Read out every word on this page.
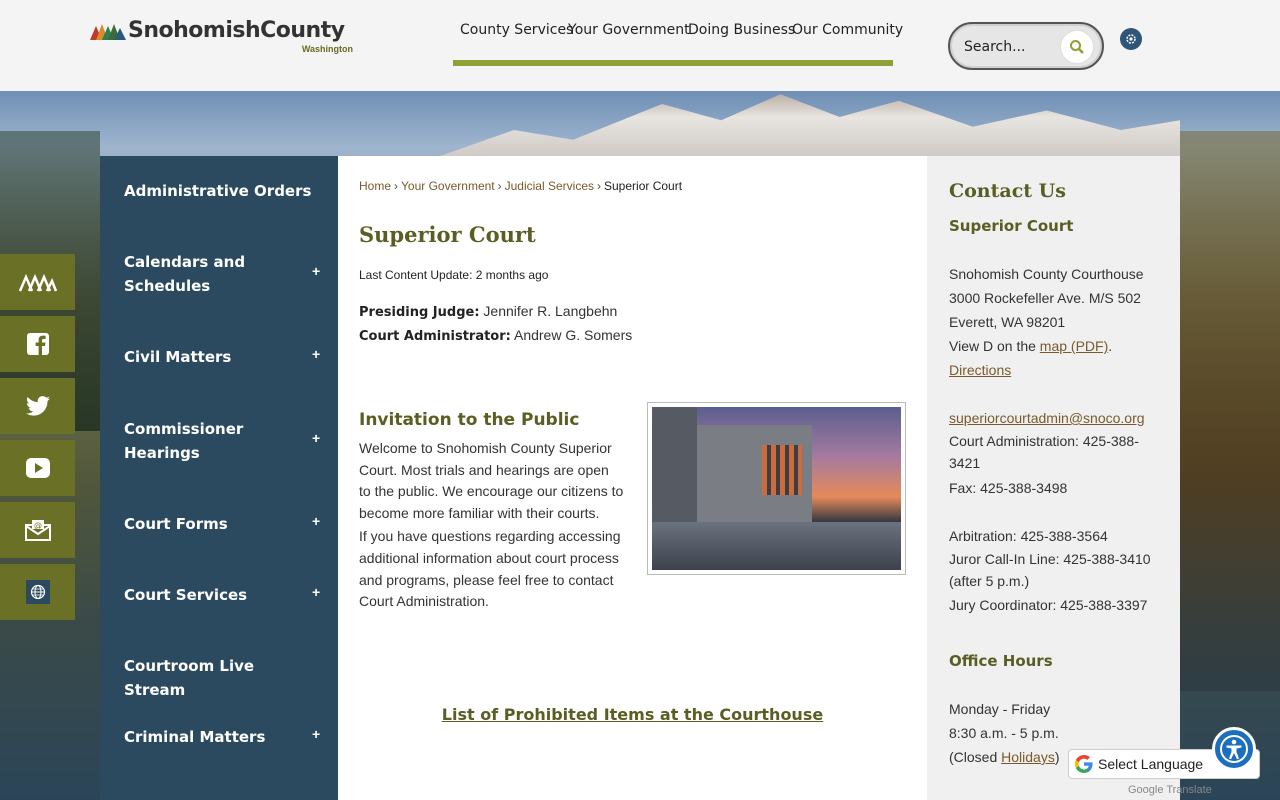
SnohomishCounty
Washington
County Services
Your Government
Doing Business
Our Community
Search...
@
Administrative Orders
Calendars and Schedules
+
Civil Matters	+
Commissioner Hearings
+
Court Forms	+
Court Services	+
Courtroom Live Stream
Criminal Matters	+
Home › Your Government › Judicial Services › Superior Court
Superior Court
Last Content Update: 2 months ago
Presiding Judge: Jennifer R. Langbehn
Court Administrator: Andrew G. Somers
Invitation to the Public

Welcome to Snohomish County Superior Court. Most trials and hearings are open to the public. We encourage our citizens to become more familiar with their courts.

If you have questions regarding accessing additional information about court process and programs, please feel free to contact Court Administration.

List of Prohibited Items at the Courthouse
Contact Us
Superior Court
Snohomish County Courthouse
3000 Rockefeller Ave. M/S 502
Everett, WA 98201
View D on the map (PDF).
Directions
superiorcourtadmin@snoco.org
Court Administration: 425-388-3421
Fax: 425-388-3498
Arbitration: 425-388-3564
Juror Call-In Line: 425-388-3410 (after 5 p.m.)
Jury Coordinator: 425-388-3397
Office Hours
Monday - Friday
8:30 a.m. - 5 p.m.
(Closed Holidays)	Select Language
Google Translate
